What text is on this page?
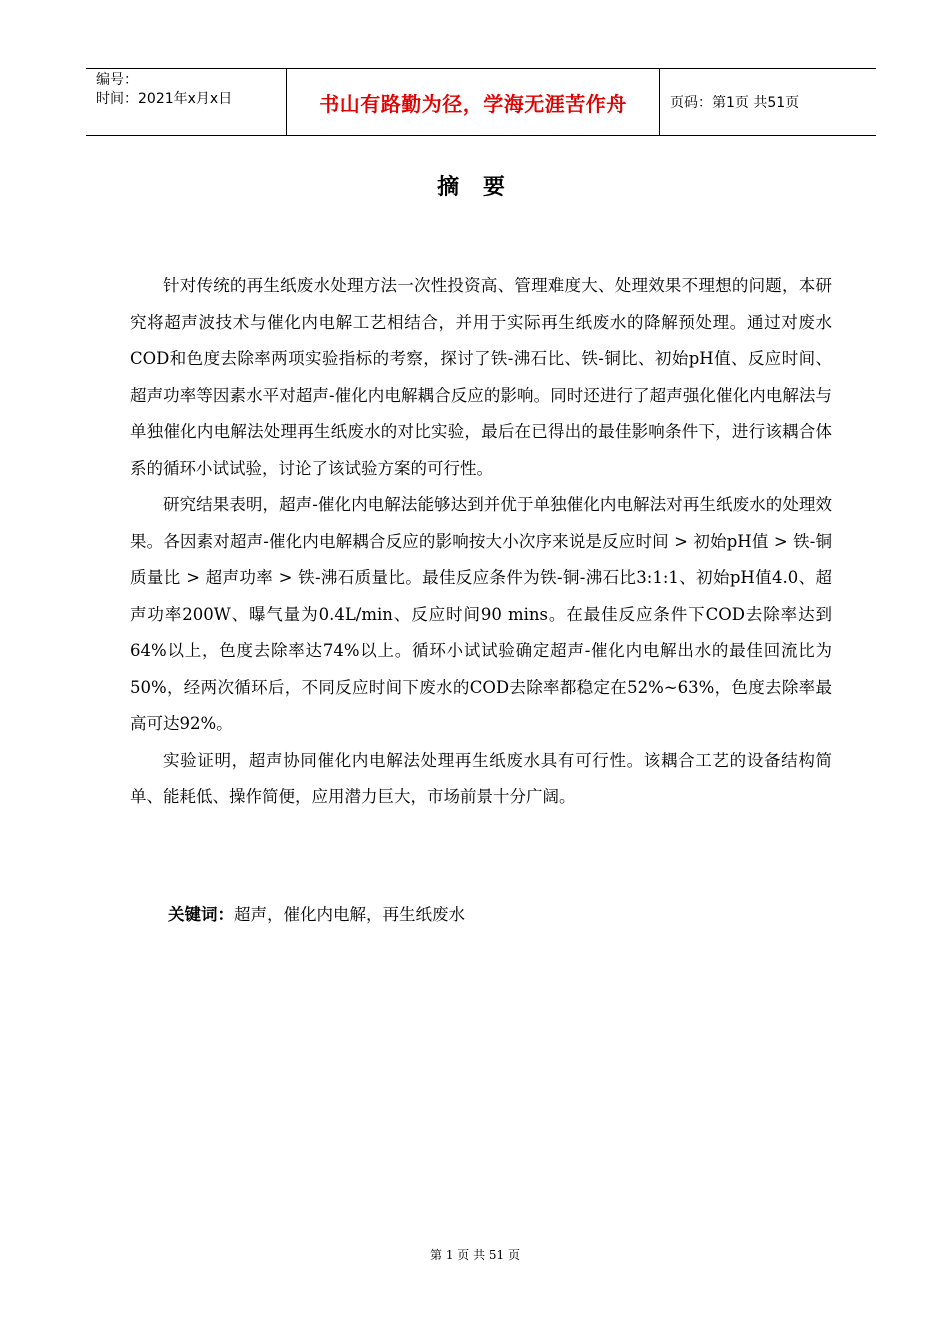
编号：
时间：2021年x月x日	书山有路勤为径，学海无涯苦作舟	页码：第1页 共51页
摘 要

针对传统的再生纸废水处理方法一次性投资高、管理难度大、处理效果不理想的问题，本研究将超声波技术与催化内电解工艺相结合，并用于实际再生纸废水的降解预处理。通过对废水COD和色度去除率两项实验指标的考察，探讨了铁-沸石比、铁-铜比、初始pH值、反应时间、超声功率等因素水平对超声-催化内电解耦合反应的影响。同时还进行了超声强化催化内电解法与单独催化内电解法处理再生纸废水的对比实验，最后在已得出的最佳影响条件下，进行该耦合体系的循环小试试验，讨论了该试验方案的可行性。

研究结果表明，超声-催化内电解法能够达到并优于单独催化内电解法对再生纸废水的处理效果。各因素对超声-催化内电解耦合反应的影响按大小次序来说是反应时间 > 初始pH值 > 铁-铜质量比 > 超声功率 > 铁-沸石质量比。最佳反应条件为铁-铜-沸石比3:1:1、初始pH值4.0、超声功率200W、曝气量为0.4L/min、反应时间90 mins。在最佳反应条件下COD去除率达到64%以上，色度去除率达74%以上。循环小试试验确定超声-催化内电解出水的最佳回流比为50%，经两次循环后，不同反应时间下废水的COD去除率都稳定在52%~63%，色度去除率最高可达92%。

实验证明，超声协同催化内电解法处理再生纸废水具有可行性。该耦合工艺的设备结构简单、能耗低、操作简便，应用潜力巨大，市场前景十分广阔。

关键词：超声，催化内电解，再生纸废水
第 1 页 共 51 页
